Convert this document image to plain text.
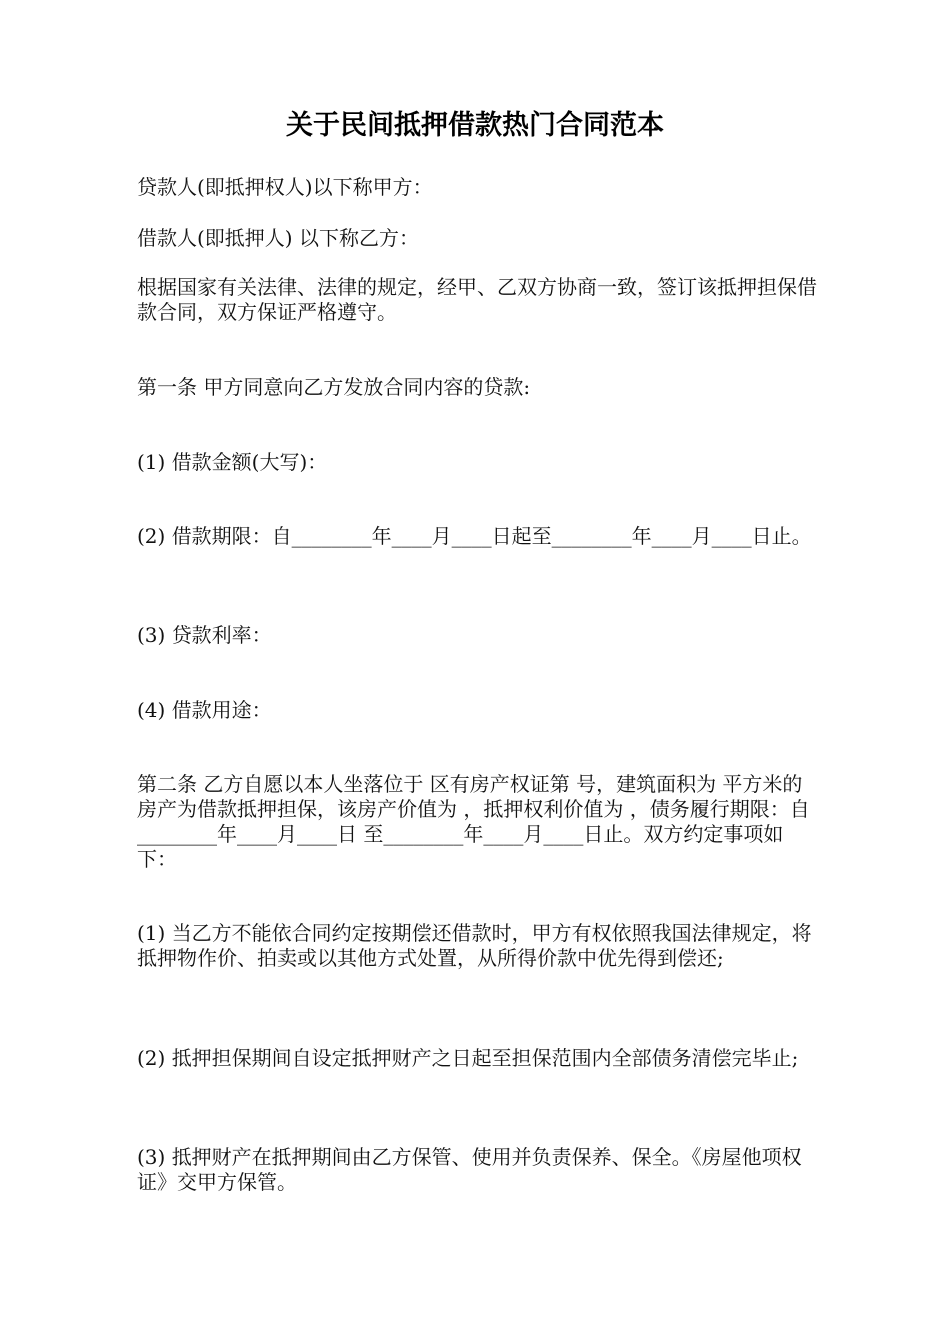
关于民间抵押借款热门合同范本

贷款人(即抵押权人)以下称甲方：

借款人(即抵押人) 以下称乙方：

根据国家有关法律、法律的规定，经甲、乙双方协商一致，签订该抵押担保借款合同，双方保证严格遵守。

第一条 甲方同意向乙方发放合同内容的贷款:

(1) 借款金额(大写)：

(2) 借款期限：自________年____月____日起至________年____月____日止。

(3) 贷款利率：

(4) 借款用途：

第二条 乙方自愿以本人坐落位于 区有房产权证第 号，建筑面积为 平方米的房产为借款抵押担保，该房产价值为 ，抵押权利价值为 ，债务履行期限：自________年____月____日 至________年____月____日止。双方约定事项如下：

(1) 当乙方不能依合同约定按期偿还借款时，甲方有权依照我国法律规定，将抵押物作价、拍卖或以其他方式处置，从所得价款中优先得到偿还;

(2) 抵押担保期间自设定抵押财产之日起至担保范围内全部债务清偿完毕止;

(3) 抵押财产在抵押期间由乙方保管、使用并负责保养、保全。《房屋他项权证》交甲方保管。
